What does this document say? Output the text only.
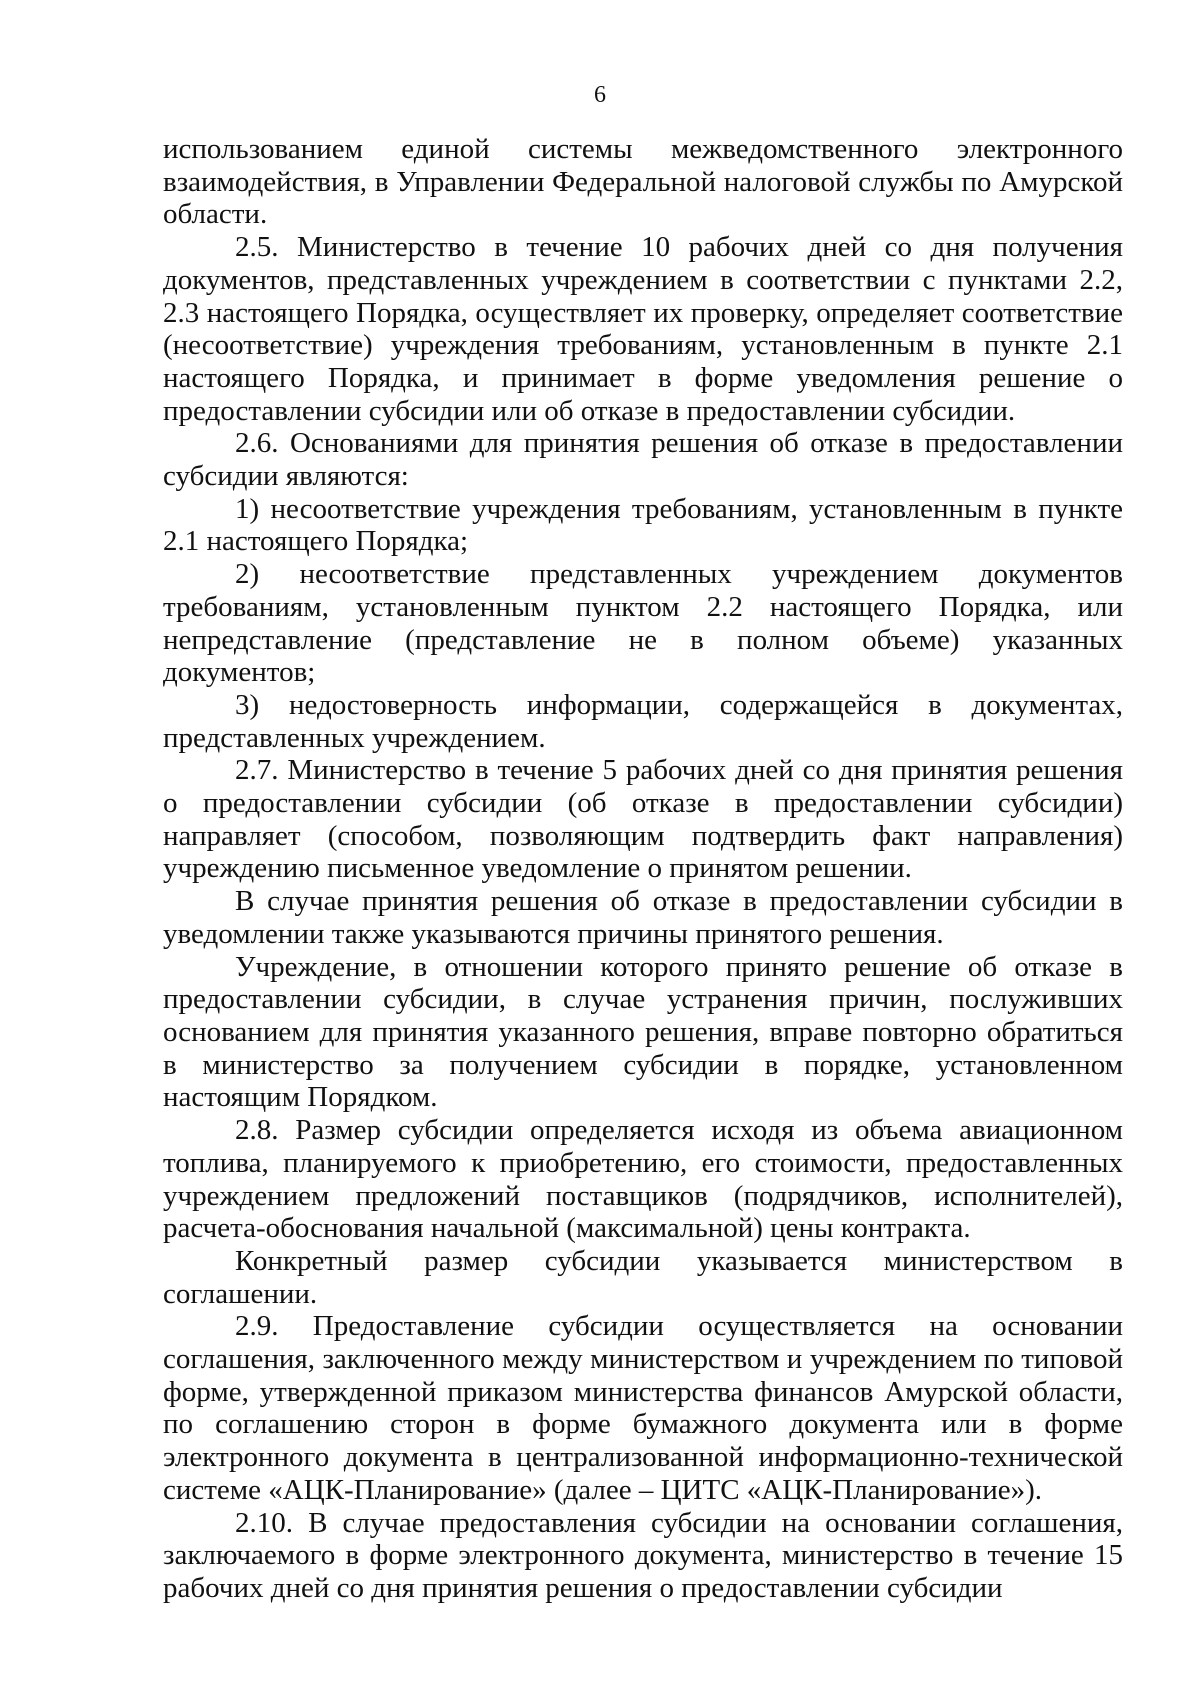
6

использованием единой системы межведомственного электронного взаимодействия, в Управлении Федеральной налоговой службы по Амурской области.

2.5. Министерство в течение 10 рабочих дней со дня получения документов, представленных учреждением в соответствии с пунктами 2.2, 2.3 настоящего Порядка, осуществляет их проверку, определяет соответствие (несоответствие) учреждения требованиям, установленным в пункте 2.1 настоящего Порядка, и принимает в форме уведомления решение о предоставлении субсидии или об отказе в предоставлении субсидии.

2.6. Основаниями для принятия решения об отказе в предоставлении субсидии являются:

1) несоответствие учреждения требованиям, установленным в пункте 2.1 настоящего Порядка;

2) несоответствие представленных учреждением документов требованиям, установленным пунктом 2.2 настоящего Порядка, или непредставление (представление не в полном объеме) указанных документов;

3) недостоверность информации, содержащейся в документах, представленных учреждением.

2.7. Министерство в течение 5 рабочих дней со дня принятия решения о предоставлении субсидии (об отказе в предоставлении субсидии) направляет (способом, позволяющим подтвердить факт направления) учреждению письменное уведомление о принятом решении.

В случае принятия решения об отказе в предоставлении субсидии в уведомлении также указываются причины принятого решения.

Учреждение, в отношении которого принято решение об отказе в предоставлении субсидии, в случае устранения причин, послуживших основанием для принятия указанного решения, вправе повторно обратиться в министерство за получением субсидии в порядке, установленном настоящим Порядком.

2.8. Размер субсидии определяется исходя из объема авиационном топлива, планируемого к приобретению, его стоимости, предоставленных учреждением предложений поставщиков (подрядчиков, исполнителей), расчета-обоснования начальной (максимальной) цены контракта.

Конкретный размер субсидии указывается министерством в соглашении.

2.9. Предоставление субсидии осуществляется на основании соглашения, заключенного между министерством и учреждением по типовой форме, утвержденной приказом министерства финансов Амурской области, по соглашению сторон в форме бумажного документа или в форме электронного документа в централизованной информационно-технической системе «АЦК-Планирование» (далее – ЦИТС «АЦК-Планирование»).

2.10. В случае предоставления субсидии на основании соглашения, заключаемого в форме электронного документа, министерство в течение 15 рабочих дней со дня принятия решения о предоставлении субсидии
